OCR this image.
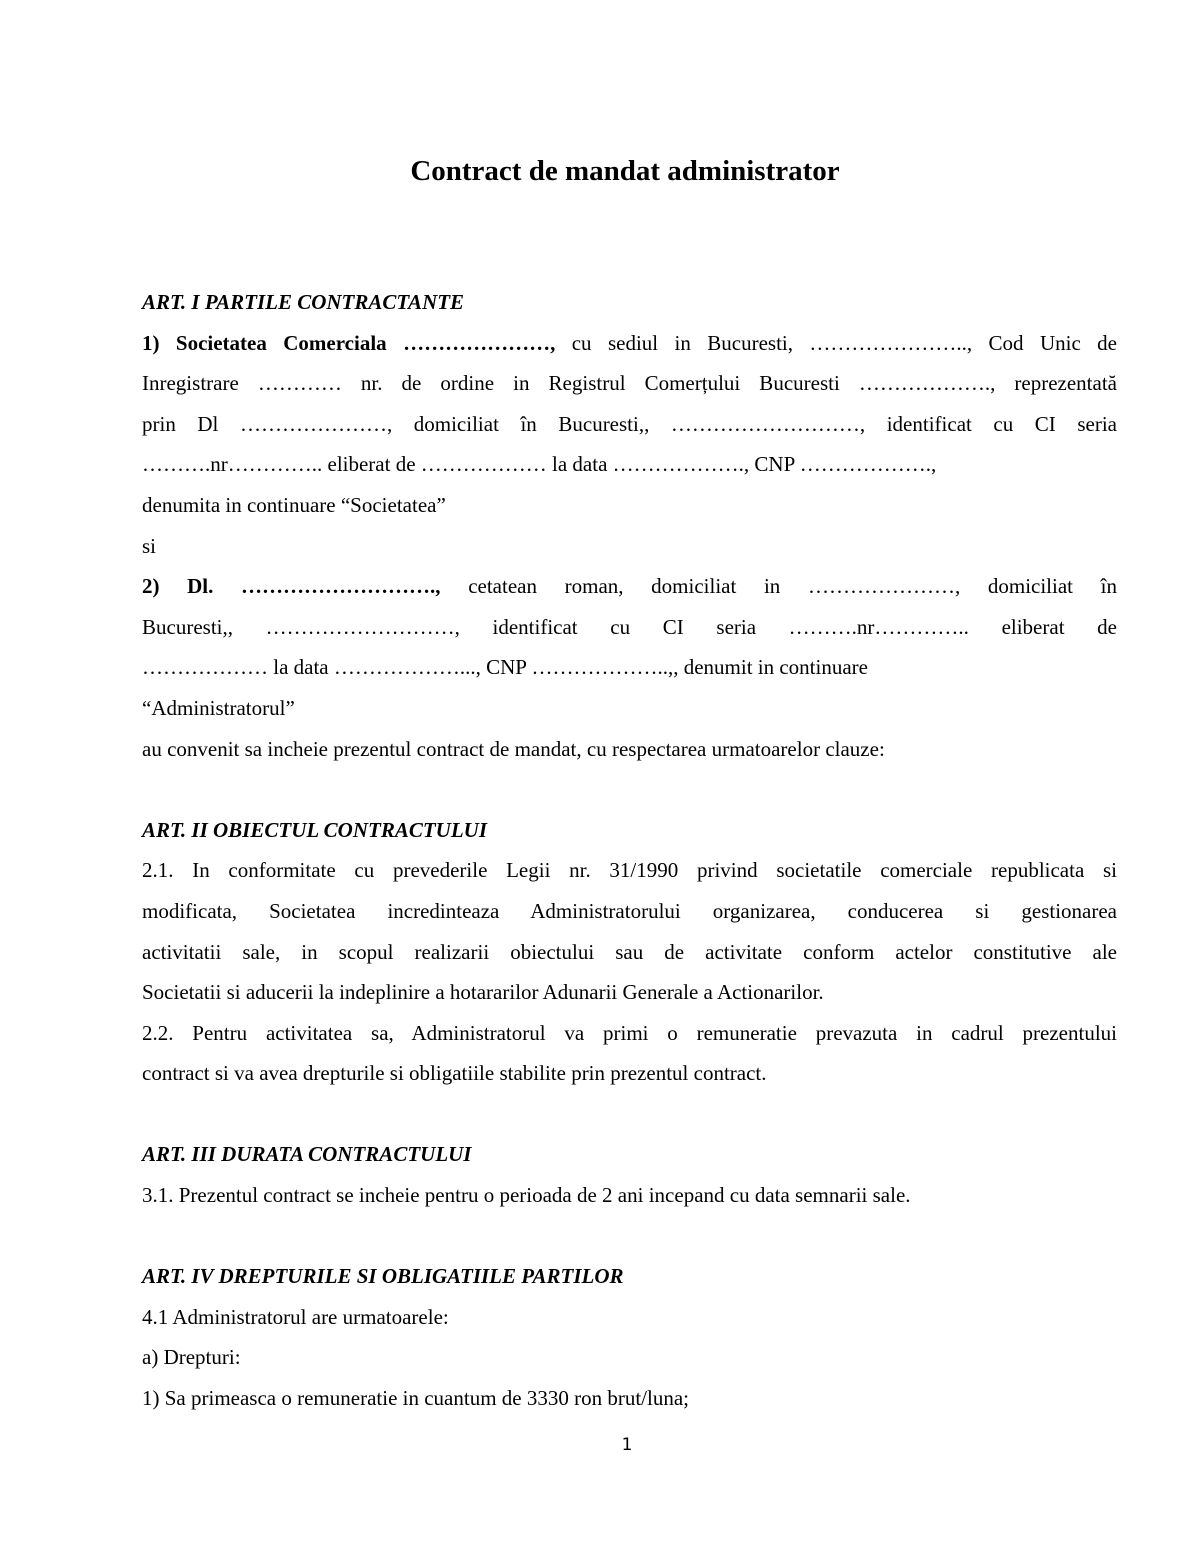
Contract de mandat administrator
ART. I PARTILE CONTRACTANTE
1) Societatea Comerciala …………………, cu sediul in Bucuresti, ………………….., Cod Unic de
Inregistrare ………… nr. de ordine in Registrul Comerțului Bucuresti ………………., reprezentată
prin Dl …………………, domiciliat în Bucuresti,, ………………………, identificat cu CI seria
……….nr………….. eliberat de ……………… la data ………………., CNP ……………….,
denumita in continuare “Societatea”
si
2) Dl. ………………………., cetatean roman, domiciliat in …………………, domiciliat în
Bucuresti,, ………………………, identificat cu CI seria ……….nr………….. eliberat de
……………… la data ………………..., CNP ………………..,, denumit in continuare
“Administratorul”
au convenit sa incheie prezentul contract de mandat, cu respectarea urmatoarelor clauze:
ART. II OBIECTUL CONTRACTULUI
2.1. In conformitate cu prevederile Legii nr. 31/1990 privind societatile comerciale republicata si
modificata, Societatea incredinteaza Administratorului organizarea, conducerea si gestionarea
activitatii sale, in scopul realizarii obiectului sau de activitate conform actelor constitutive ale
Societatii si aducerii la indeplinire a hotararilor Adunarii Generale a Actionarilor.
2.2. Pentru activitatea sa, Administratorul va primi o remuneratie prevazuta in cadrul prezentului
contract si va avea drepturile si obligatiile stabilite prin prezentul contract.
ART. III DURATA CONTRACTULUI
3.1. Prezentul contract se incheie pentru o perioada de 2 ani incepand cu data semnarii sale.
ART. IV DREPTURILE SI OBLIGATIILE PARTILOR
4.1 Administratorul are urmatoarele:
a) Drepturi:
1) Sa primeasca o remuneratie in cuantum de 3330 ron brut/luna;
1
